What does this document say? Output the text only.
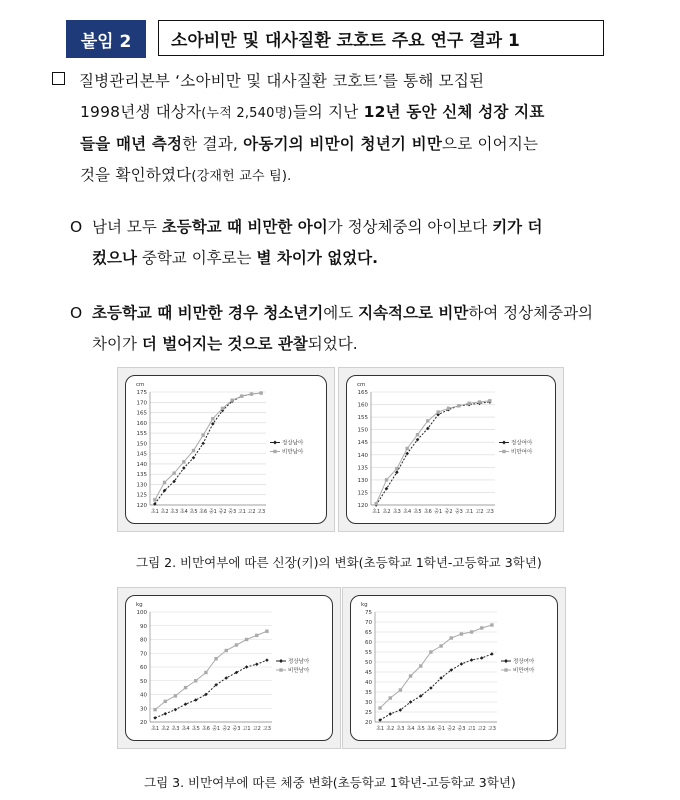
붙임 2	소아비만 및 대사질환 코호트 주요 연구 결과 1
질병관리본부 ‘소아비만 및 대사질환 코호트’를 통해 모집된
1998년생 대상자(누적 2,540명)들의 지난 12년 동안 신체 성장 지표
들을 매년 측정한 결과, 아동기의 비만이 청년기 비만으로 이어지는
것을 확인하였다(강재헌 교수 팀).
O 남녀 모두 초등학교 때 비만한 아이가 정상체중의 아이보다 키가 더
컸으나 중학교 이후로는 별 차이가 없었다.
O 초등학교 때 비만한 경우 청소년기에도 지속적으로 비만하여 정상체중과의
차이가 더 벌어지는 것으로 관찰되었다.
cm
120
125
130
135
140
145
150
155
160
165
170
175
초1 초2 초3 초4 초5 초6 중1 중2 중3 고1 고2 고3
정상남아
비만남아
cm
120
125
130
135
140
145
150
155
160
165
초1 초2 초3 초4 초5 초6 중1 중2 중3 고1 고2 고3
정상여아
비만여아
그림 2. 비만여부에 따른 신장(키)의 변화(초등학교 1학년-고등학교 3학년)
kg
20
30
40
50
60
70
80
90
100
초1 초2 초3 초4 초5 초6 중1 중2 중3 고1 고2 고3
정상남아
비만남아
kg
20
25
30
35
40
45
50
55
60
65
70
75
초1 초2 초3 초4 초5 초6 중1 중2 중3 고1 고2 고3
정상여아
비만여아
그림 3. 비만여부에 따른 체중 변화(초등학교 1학년-고등학교 3학년)
